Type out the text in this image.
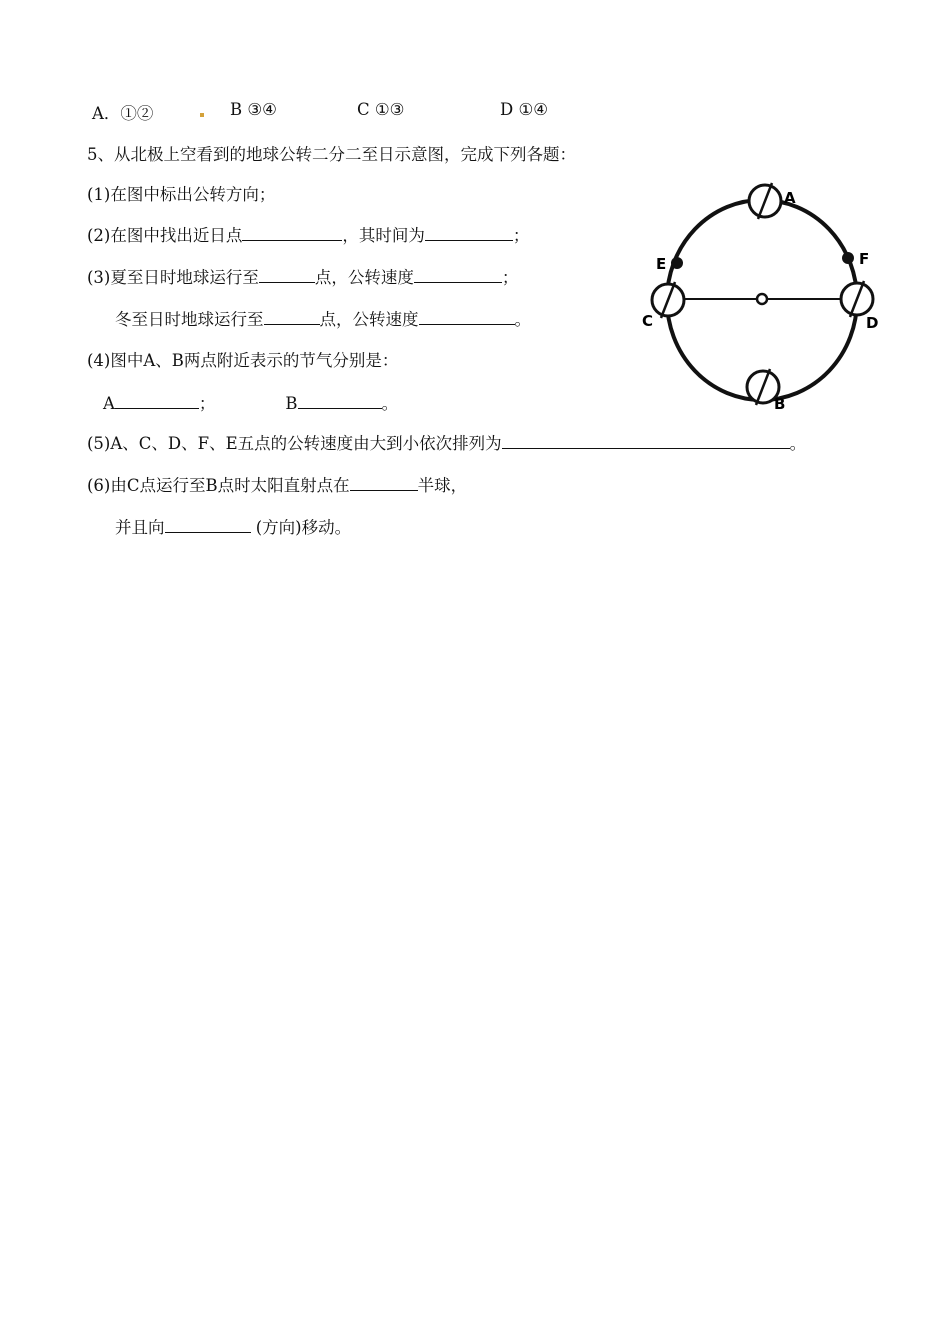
A．①②	B ③④	C ①③	D ①④
5、从北极上空看到的地球公转二分二至日示意图，完成下列各题：
(1)在图中标出公转方向；
(2)在图中找出近日点	，其时间为	；
(3)夏至日时地球运行至	点，公转速度	；
冬至日时地球运行至	点，公转速度	。
(4)图中A、B两点附近表示的节气分别是：
A	；	B	。
(5)A、C、D、F、E五点的公转速度由大到小依次排列为	。
(6)由C点运行至B点时太阳直射点在	半球，
并且向	(方向)移动。
A
B
C	D
E	F
